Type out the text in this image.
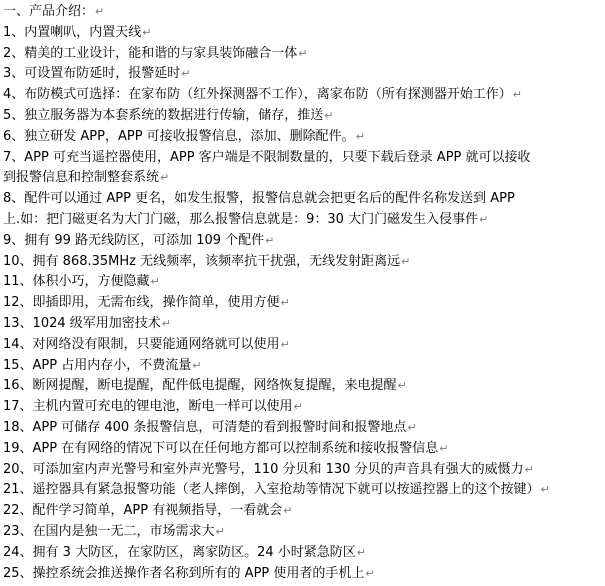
一、产品介绍：↵
1、内置喇叭，内置天线↵
2、精美的工业设计，能和谐的与家具装饰融合一体↵
3、可设置布防延时，报警延时↵
4、布防模式可选择：在家布防（红外探测器不工作），离家布防（所有探测器开始工作）↵
5、独立服务器为本套系统的数据进行传输，储存，推送↵
6、独立研发 APP，APP 可接收报警信息，添加、删除配件。↵
7、APP 可充当遥控器使用，APP 客户端是不限制数量的，只要下载后登录 APP 就可以接收
到报警信息和控制整套系统↵
8、配件可以通过 APP 更名，如发生报警，报警信息就会把更名后的配件名称发送到 APP
上.如：把门磁更名为大门门磁，那么报警信息就是：9：30 大门门磁发生入侵事件↵
9、拥有 99 路无线防区，可添加 109 个配件↵
10、拥有 868.35MHz 无线频率，该频率抗干扰强，无线发射距离远↵
11、体积小巧，方便隐藏↵
12、即插即用，无需布线，操作简单，使用方便↵
13、1024 级军用加密技术↵
14、对网络没有限制，只要能通网络就可以使用↵
15、APP 占用内存小，不费流量↵
16、断网提醒，断电提醒，配件低电提醒，网络恢复提醒，来电提醒↵
17、主机内置可充电的锂电池，断电一样可以使用↵
18、APP 可储存 400 条报警信息，可清楚的看到报警时间和报警地点↵
19、APP 在有网络的情况下可以在任何地方都可以控制系统和接收报警信息↵
20、可添加室内声光警号和室外声光警号，110 分贝和 130 分贝的声音具有强大的威慑力↵
21、遥控器具有紧急报警功能（老人摔倒，入室抢劫等情况下就可以按遥控器上的这个按键）↵
22、配件学习简单，APP 有视频指导，一看就会↵
23、在国内是独一无二，市场需求大↵
24、拥有 3 大防区，在家防区，离家防区。24 小时紧急防区↵
25、操控系统会推送操作者名称到所有的 APP 使用者的手机上↵
